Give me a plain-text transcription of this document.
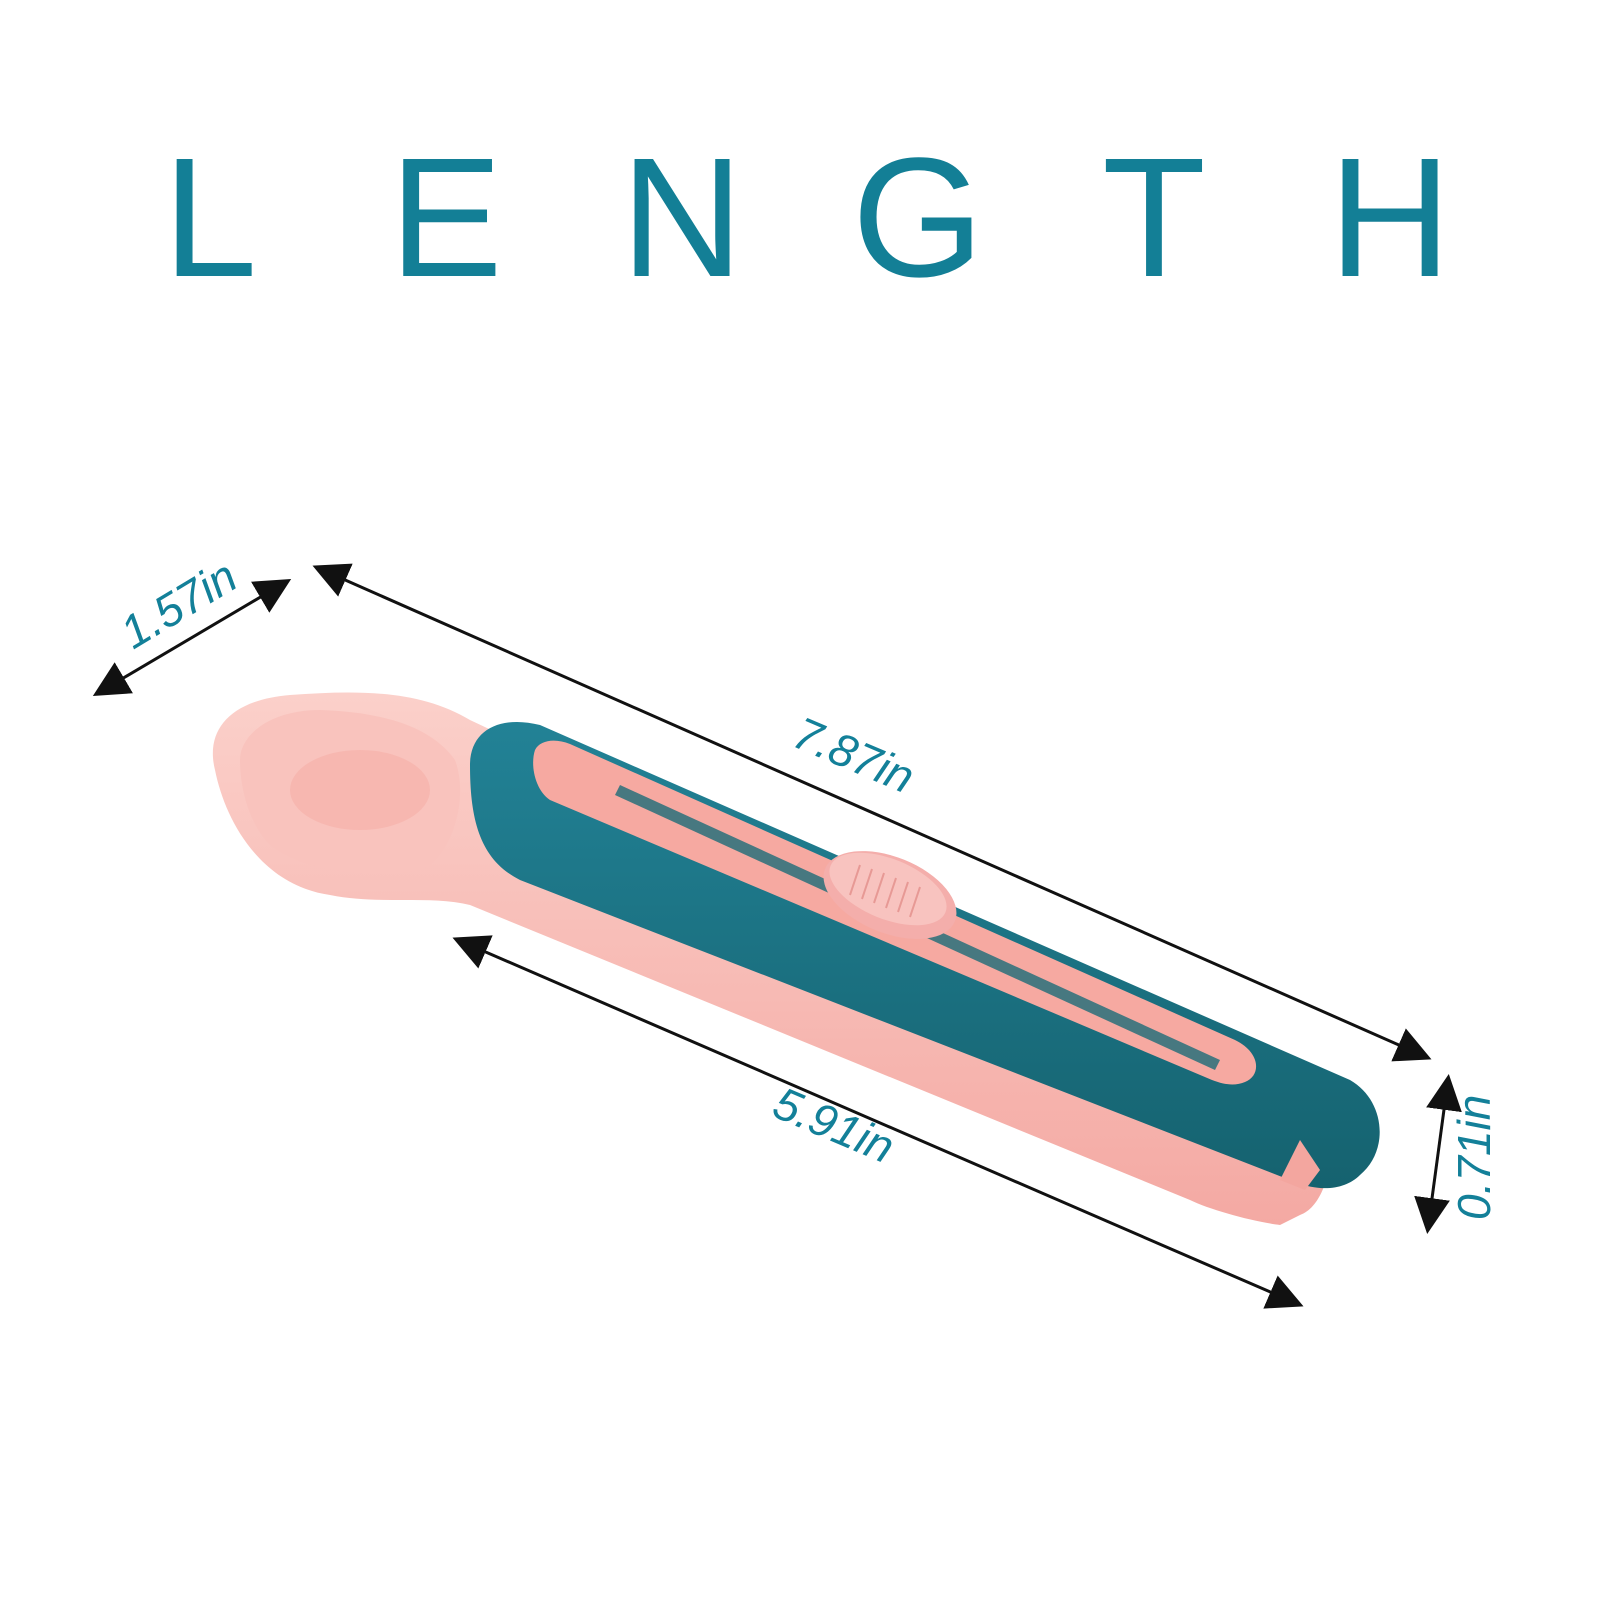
L E N G T H
1.57in
7.87in
5.91in	0.71in
